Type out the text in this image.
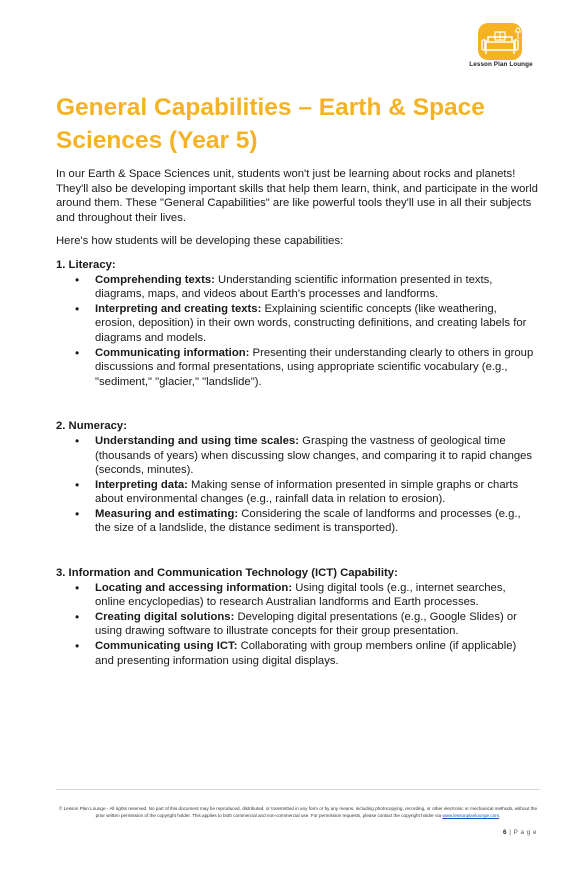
Lesson Plan Lounge
General Capabilities – Earth & Space Sciences (Year 5)

In our Earth & Space Sciences unit, students won't just be learning about rocks and planets! They'll also be developing important skills that help them learn, think, and participate in the world around them. These "General Capabilities" are like powerful tools they'll use in all their subjects and throughout their lives.

Here's how students will be developing these capabilities:

1. Literacy:

• Comprehending texts: Understanding scientific information presented in texts, diagrams, maps, and videos about Earth's processes and landforms.
• Interpreting and creating texts: Explaining scientific concepts (like weathering, erosion, deposition) in their own words, constructing definitions, and creating labels for diagrams and models.
• Communicating information: Presenting their understanding clearly to others in group discussions and formal presentations, using appropriate scientific vocabulary (e.g., "sediment," "glacier," "landslide").

2. Numeracy:

• Understanding and using time scales: Grasping the vastness of geological time (thousands of years) when discussing slow changes, and comparing it to rapid changes (seconds, minutes).
• Interpreting data: Making sense of information presented in simple graphs or charts about environmental changes (e.g., rainfall data in relation to erosion).
• Measuring and estimating: Considering the scale of landforms and processes (e.g., the size of a landslide, the distance sediment is transported).

3. Information and Communication Technology (ICT) Capability:

• Locating and accessing information: Using digital tools (e.g., internet searches, online encyclopedias) to research Australian landforms and Earth processes.
• Creating digital solutions: Developing digital presentations (e.g., Google Slides) or using drawing software to illustrate concepts for their group presentation.
• Communicating using ICT: Collaborating with group members online (if applicable) and presenting information using digital displays.
© Lesson Plan Lounge - All rights reserved. No part of this document may be reproduced, distributed, or transmitted in any form or by any means, including photocopying, recording, or other electronic or mechanical methods, without the prior written permission of the copyright holder. This applies to both commercial and non-commercial use. For permission requests, please contact the copyright holder via www.lessonplanlounge.com.
6 | P a g e
